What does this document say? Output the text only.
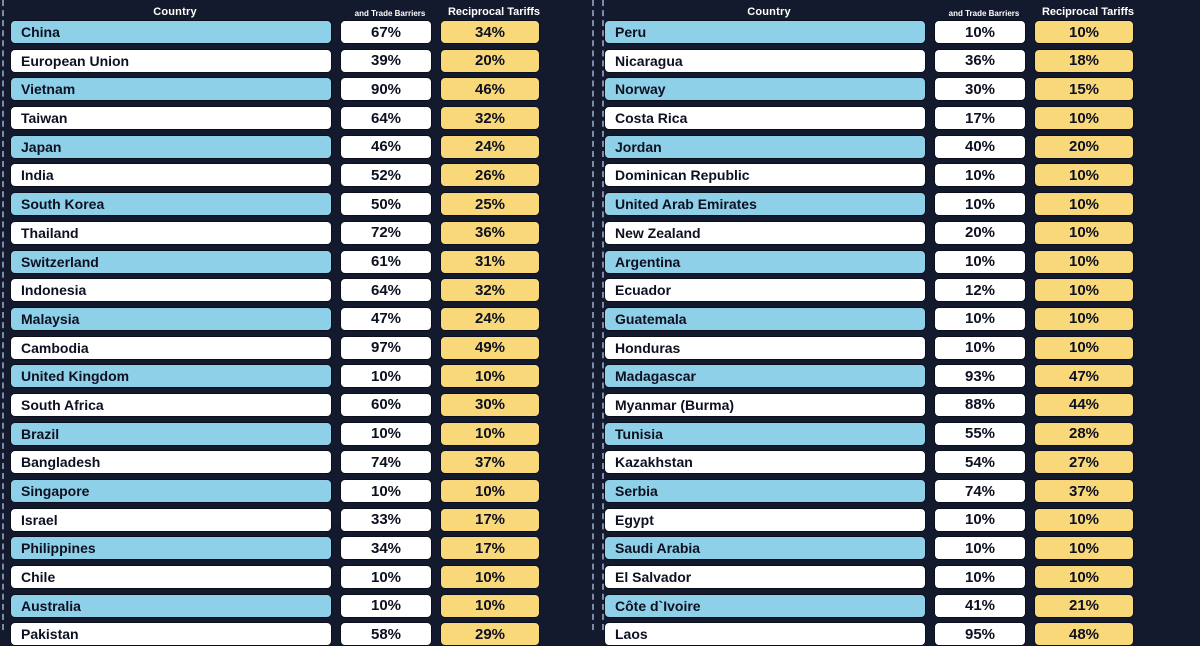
Country	and Trade Barriers	Reciprocal Tariffs
China	67%	34%
European Union	39%	20%
Vietnam	90%	46%
Taiwan	64%	32%
Japan	46%	24%
India	52%	26%
South Korea	50%	25%
Thailand	72%	36%
Switzerland	61%	31%
Indonesia	64%	32%
Malaysia	47%	24%
Cambodia	97%	49%
United Kingdom	10%	10%
South Africa	60%	30%
Brazil	10%	10%
Bangladesh	74%	37%
Singapore	10%	10%
Israel	33%	17%
Philippines	34%	17%
Chile	10%	10%
Australia	10%	10%
Pakistan	58%	29%
Country	and Trade Barriers	Reciprocal Tariffs
Peru	10%	10%
Nicaragua	36%	18%
Norway	30%	15%
Costa Rica	17%	10%
Jordan	40%	20%
Dominican Republic	10%	10%
United Arab Emirates	10%	10%
New Zealand	20%	10%
Argentina	10%	10%
Ecuador	12%	10%
Guatemala	10%	10%
Honduras	10%	10%
Madagascar	93%	47%
Myanmar (Burma)	88%	44%
Tunisia	55%	28%
Kazakhstan	54%	27%
Serbia	74%	37%
Egypt	10%	10%
Saudi Arabia	10%	10%
El Salvador	10%	10%
Côte d`Ivoire	41%	21%
Laos	95%	48%
